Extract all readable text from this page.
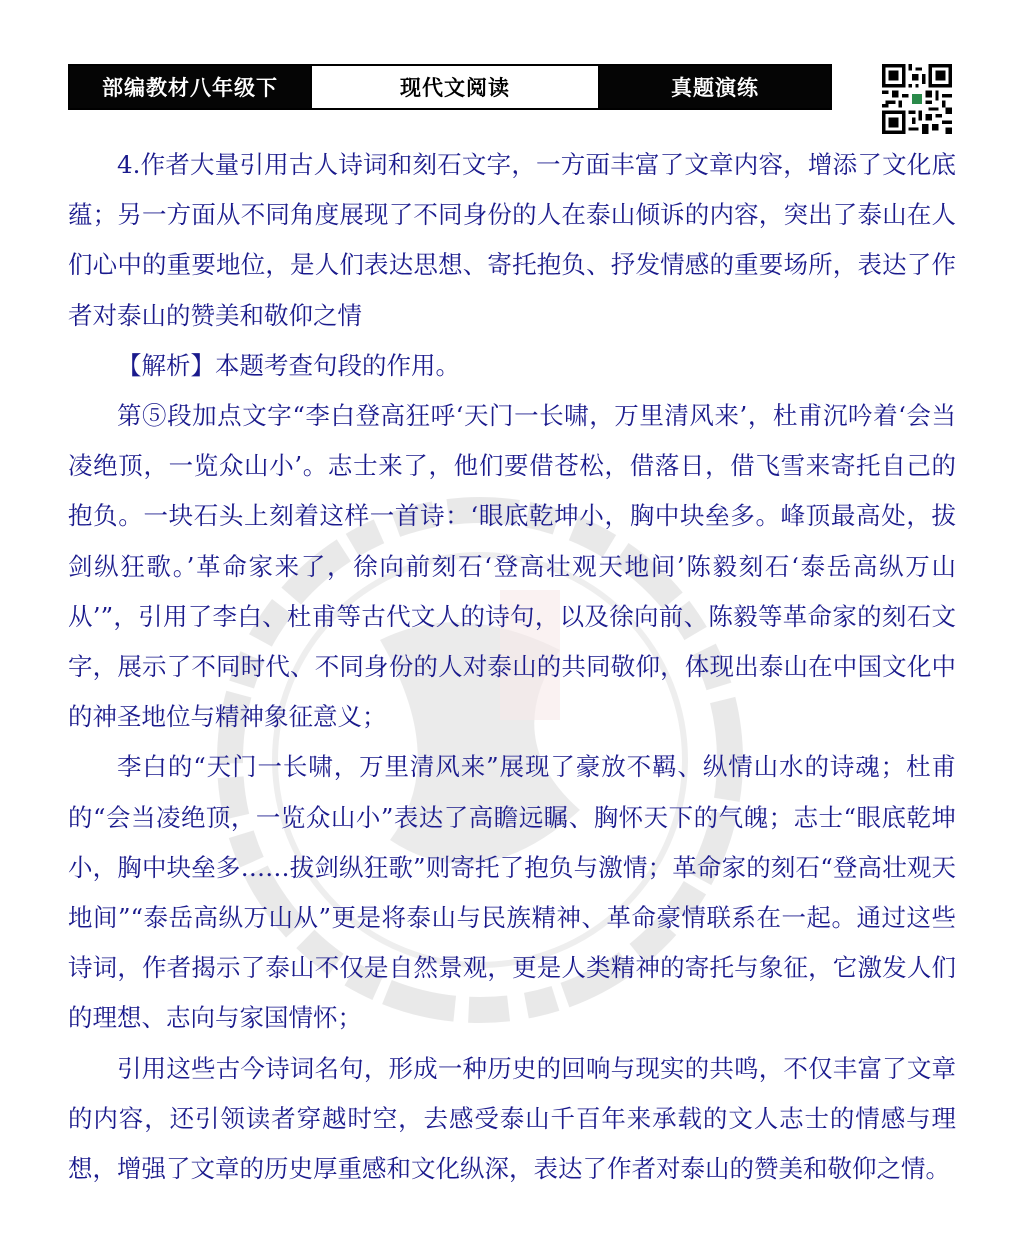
部编教材八年级下	现代文阅读	真题演练

4.作者大量引用古人诗词和刻石文字，一方面丰富了文章内容，增添了文化底蕴；另一方面从不同角度展现了不同身份的人在泰山倾诉的内容，突出了泰山在人们心中的重要地位，是人们表达思想、寄托抱负、抒发情感的重要场所，表达了作者对泰山的赞美和敬仰之情

【解析】本题考查句段的作用。

第⑤段加点文字“李白登高狂呼‘天门一长啸，万里清风来’，杜甫沉吟着‘会当凌绝顶，一览众山小’。志士来了，他们要借苍松，借落日，借飞雪来寄托自己的抱负。一块石头上刻着这样一首诗：‘眼底乾坤小，胸中块垒多。峰顶最高处，拔剑纵狂歌。’革命家来了，徐向前刻石‘登高壮观天地间’陈毅刻石‘泰岳高纵万山从’”，引用了李白、杜甫等古代文人的诗句，以及徐向前、陈毅等革命家的刻石文字，展示了不同时代、不同身份的人对泰山的共同敬仰，体现出泰山在中国文化中的神圣地位与精神象征意义；

李白的“天门一长啸，万里清风来”展现了豪放不羁、纵情山水的诗魂；杜甫的“会当凌绝顶，一览众山小”表达了高瞻远瞩、胸怀天下的气魄；志士“眼底乾坤小，胸中块垒多……拔剑纵狂歌”则寄托了抱负与激情；革命家的刻石“登高壮观天地间”“泰岳高纵万山从”更是将泰山与民族精神、革命豪情联系在一起。通过这些诗词，作者揭示了泰山不仅是自然景观，更是人类精神的寄托与象征，它激发人们的理想、志向与家国情怀；

引用这些古今诗词名句，形成一种历史的回响与现实的共鸣，不仅丰富了文章的内容，还引领读者穿越时空，去感受泰山千百年来承载的文人志士的情感与理想，增强了文章的历史厚重感和文化纵深，表达了作者对泰山的赞美和敬仰之情。
